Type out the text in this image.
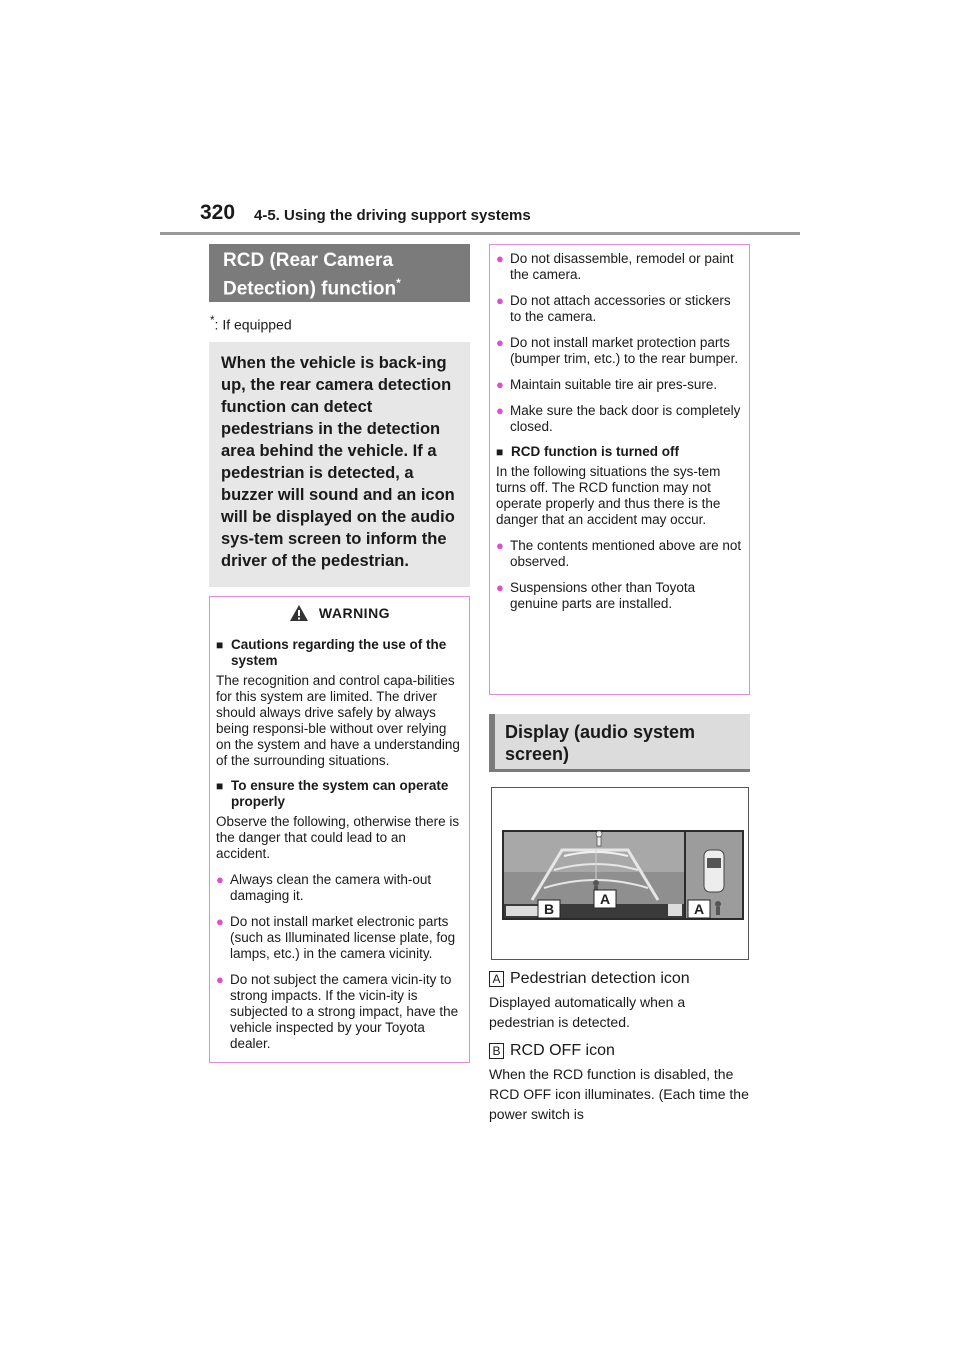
320 4-5. Using the driving support systems
RCD (Rear Camera
Detection) function*
*: If equipped
When the vehicle is back-ing up, the rear camera detection function can detect pedestrians in the detection area behind the vehicle. If a pedestrian is detected, a buzzer will sound and an icon will be displayed on the audio sys-tem screen to inform the driver of the pedestrian.
WARNING
■ Cautions regarding the use of the system
The recognition and control capa-bilities for this system are limited. The driver should always drive safely by always being responsi-ble without over relying on the system and have a understanding of the surrounding situations.
■ To ensure the system can operate properly
Observe the following, otherwise there is the danger that could lead to an accident.
● Always clean the camera with-out damaging it.
● Do not install market electronic parts (such as Illuminated license plate, fog lamps, etc.) in the camera vicinity.
● Do not subject the camera vicin-ity to strong impacts. If the vicin-ity is subjected to a strong impact, have the vehicle inspected by your Toyota dealer.
● Do not disassemble, remodel or paint the camera.
● Do not attach accessories or stickers to the camera.
● Do not install market protection parts (bumper trim, etc.) to the rear bumper.
● Maintain suitable tire air pres-sure.
● Make sure the back door is completely closed.
■ RCD function is turned off
In the following situations the sys-tem turns off. The RCD function may not operate properly and thus there is the danger that an accident may occur.
● The contents mentioned above are not observed.
● Suspensions other than Toyota genuine parts are installed.
Display (audio system screen)
B
A
A
A Pedestrian detection icon
Displayed automatically when a pedestrian is detected.
B RCD OFF icon
When the RCD function is disabled, the RCD OFF icon illuminates. (Each time the power switch is
